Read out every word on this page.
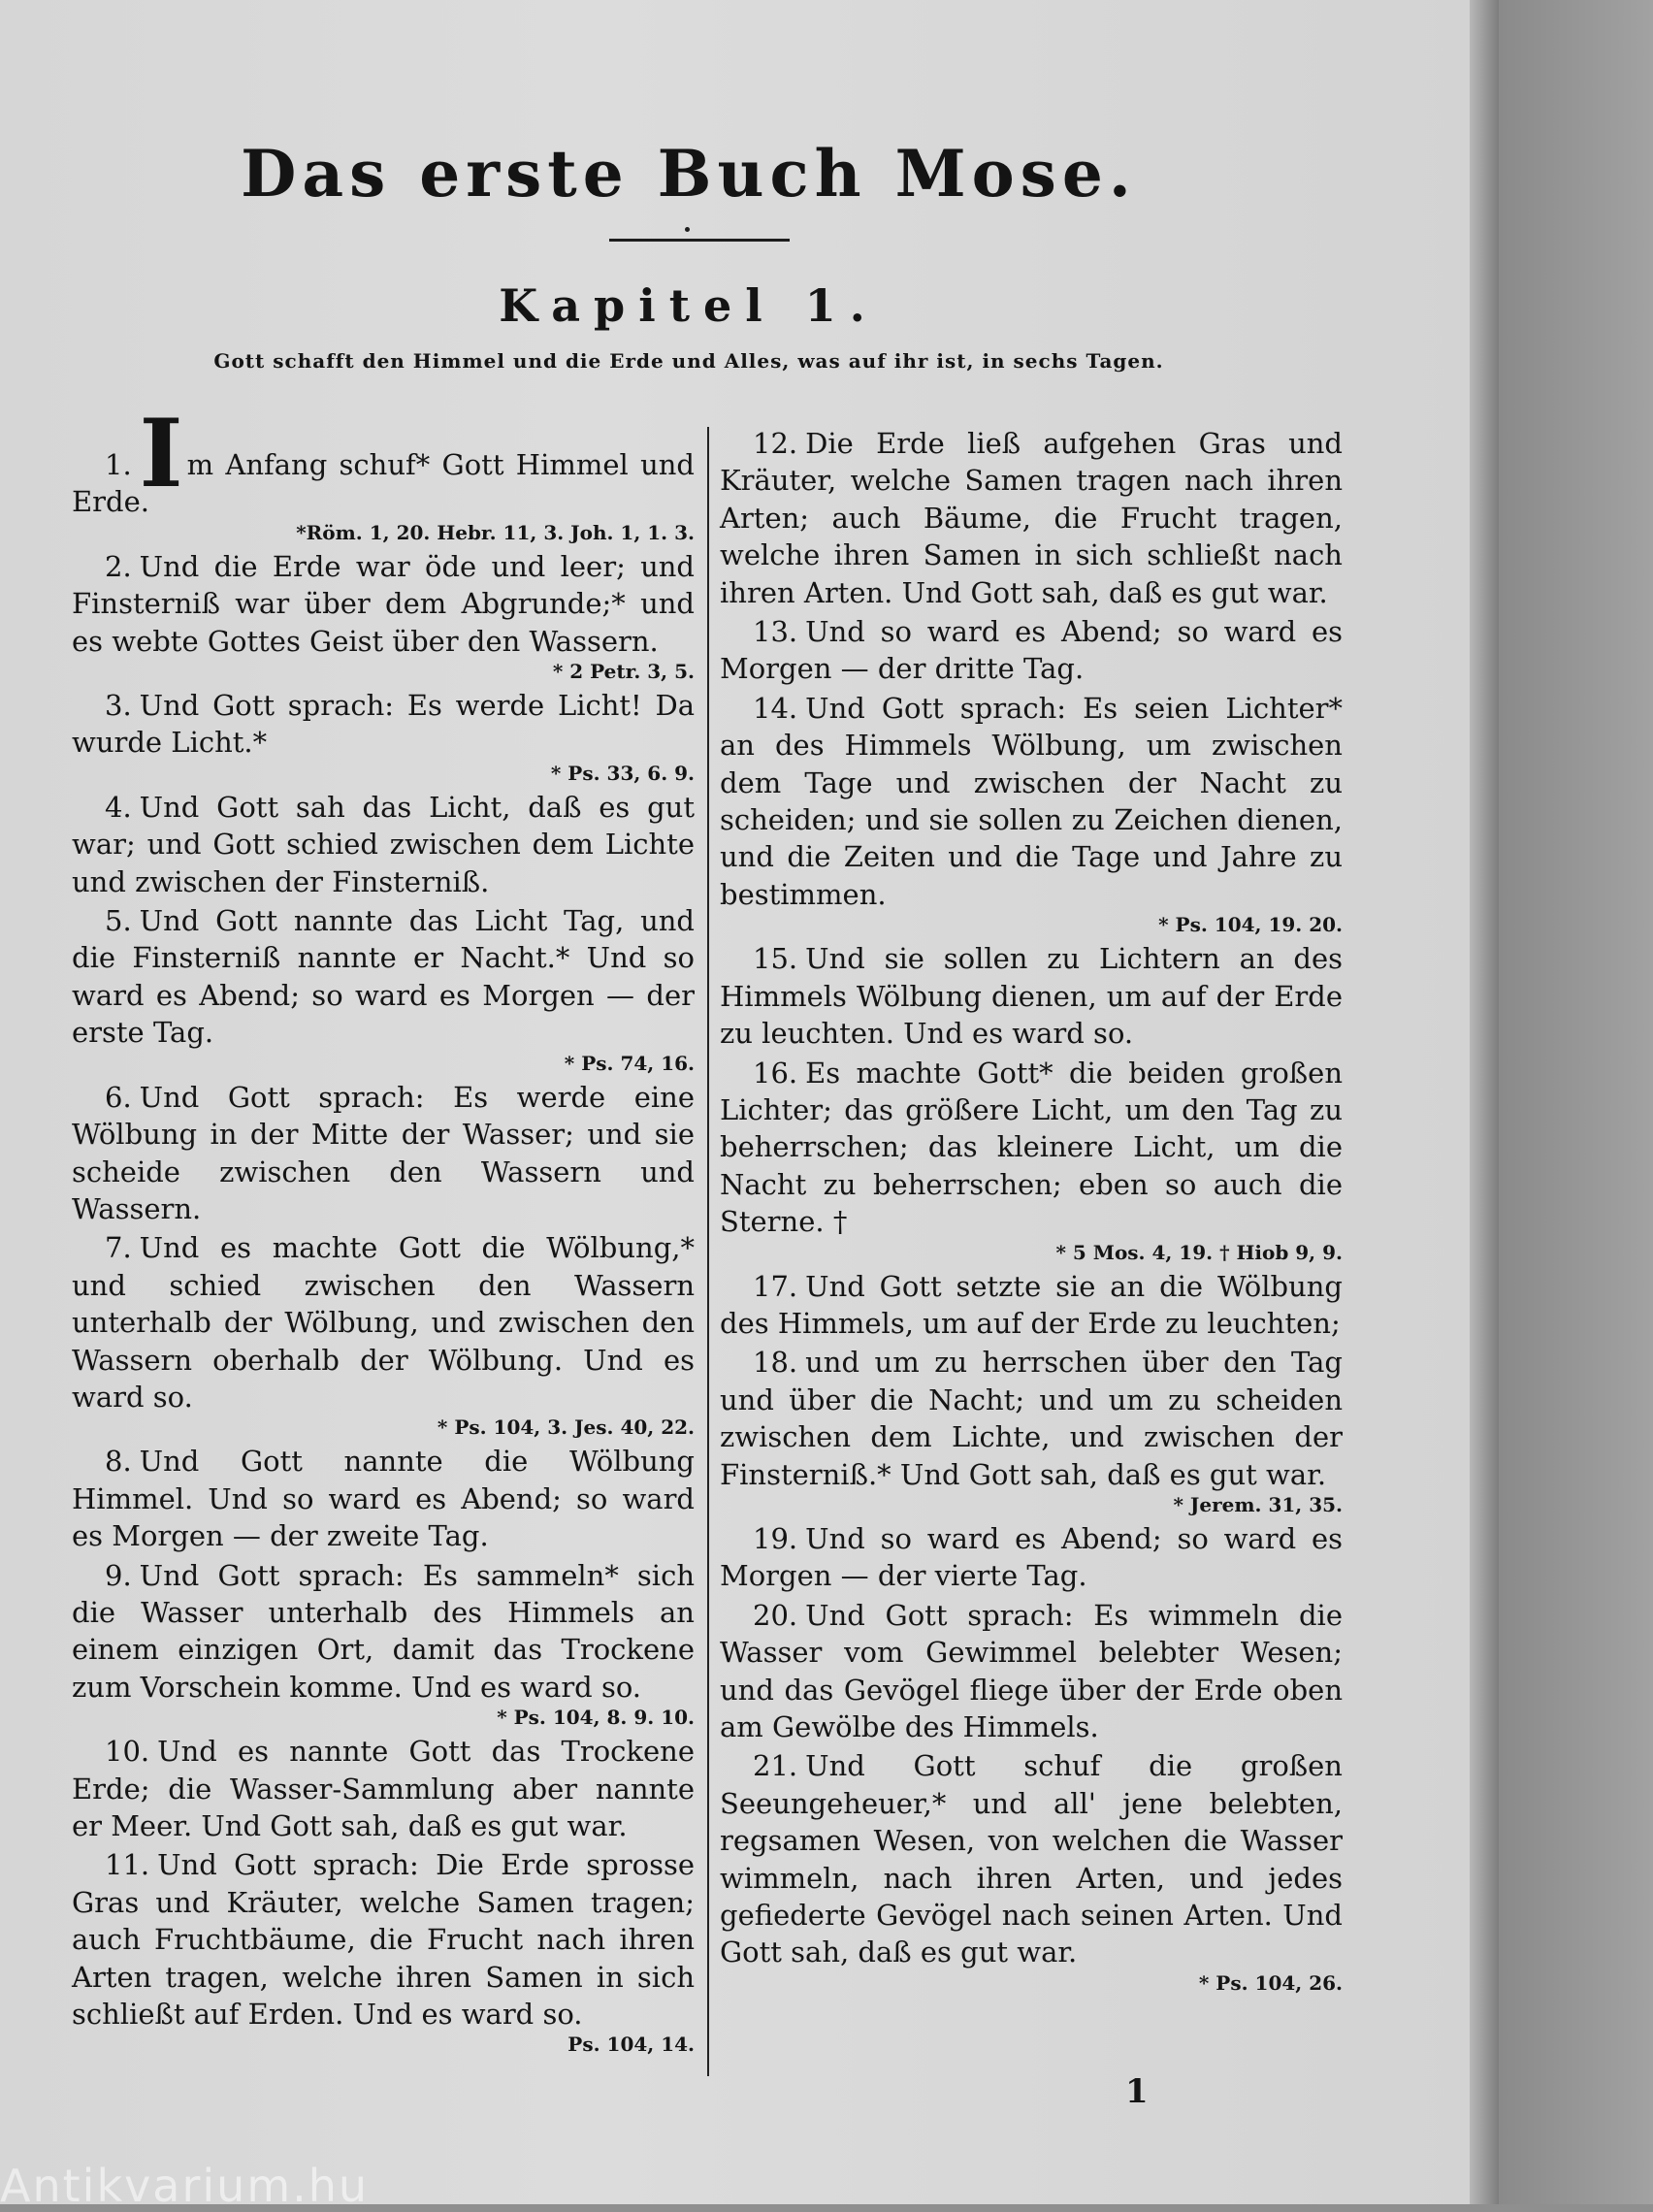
Das erste Buch Mose.
Kapitel 1.
Gott schafft den Himmel und die Erde und Alles, was auf ihr ist, in sechs Tagen.

1.I m Anfang schuf* Gott Himmel und Erde.

*Röm. 1, 20. Hebr. 11, 3. Joh. 1, 1. 3.

2. Und die Erde war öde und leer; und Finsterniß war über dem Abgrunde;* und es webte Gottes Geist über den Wassern.

* 2 Petr. 3, 5.

3. Und Gott sprach: Es werde Licht! Da wurde Licht.*

* Ps. 33, 6. 9.

4. Und Gott sah das Licht, daß es gut war; und Gott schied zwischen dem Lichte und zwischen der Finsterniß.

5. Und Gott nannte das Licht Tag, und die Finsterniß nannte er Nacht.* Und so ward es Abend; so ward es Morgen — der erste Tag.

* Ps. 74, 16.

6. Und Gott sprach: Es werde eine Wölbung in der Mitte der Wasser; und sie scheide zwischen den Wassern und Wassern.

7. Und es machte Gott die Wölbung,* und schied zwischen den Wassern unterhalb der Wölbung, und zwischen den Wassern oberhalb der Wölbung. Und es ward so.

* Ps. 104, 3. Jes. 40, 22.

8. Und Gott nannte die Wölbung Himmel. Und so ward es Abend; so ward es Morgen — der zweite Tag.

9. Und Gott sprach: Es sammeln* sich die Wasser unterhalb des Himmels an einem einzigen Ort, damit das Trockene zum Vorschein komme. Und es ward so.

* Ps. 104, 8. 9. 10.

10. Und es nannte Gott das Trockene Erde; die Wasser-Sammlung aber nannte er Meer. Und Gott sah, daß es gut war.

11. Und Gott sprach: Die Erde sprosse Gras und Kräuter, welche Samen tragen; auch Fruchtbäume, die Frucht nach ihren Arten tragen, welche ihren Samen in sich schließt auf Erden. Und es ward so.

Ps. 104, 14.

12. Die Erde ließ aufgehen Gras und Kräuter, welche Samen tragen nach ihren Arten; auch Bäume, die Frucht tragen, welche ihren Samen in sich schließt nach ihren Arten. Und Gott sah, daß es gut war.

13. Und so ward es Abend; so ward es Morgen — der dritte Tag.

14. Und Gott sprach: Es seien Lichter* an des Himmels Wölbung, um zwischen dem Tage und zwischen der Nacht zu scheiden; und sie sollen zu Zeichen dienen, und die Zeiten und die Tage und Jahre zu bestimmen.

* Ps. 104, 19. 20.

15. Und sie sollen zu Lichtern an des Himmels Wölbung dienen, um auf der Erde zu leuchten. Und es ward so.

16. Es machte Gott* die beiden großen Lichter; das größere Licht, um den Tag zu beherrschen; das kleinere Licht, um die Nacht zu beherrschen; eben so auch die Sterne. †

* 5 Mos. 4, 19. † Hiob 9, 9.

17. Und Gott setzte sie an die Wölbung des Himmels, um auf der Erde zu leuchten;

18. und um zu herrschen über den Tag und über die Nacht; und um zu scheiden zwischen dem Lichte, und zwischen der Finsterniß.* Und Gott sah, daß es gut war.

* Jerem. 31, 35.

19. Und so ward es Abend; so ward es Morgen — der vierte Tag.

20. Und Gott sprach: Es wimmeln die Wasser vom Gewimmel belebter Wesen; und das Gevögel fliege über der Erde oben am Gewölbe des Himmels.

21. Und Gott schuf die großen Seeungeheuer,* und all' jene belebten, regsamen Wesen, von welchen die Wasser wimmeln, nach ihren Arten, und jedes gefiederte Gevögel nach seinen Arten. Und Gott sah, daß es gut war.

* Ps. 104, 26.
1
Antikvarium.hu
